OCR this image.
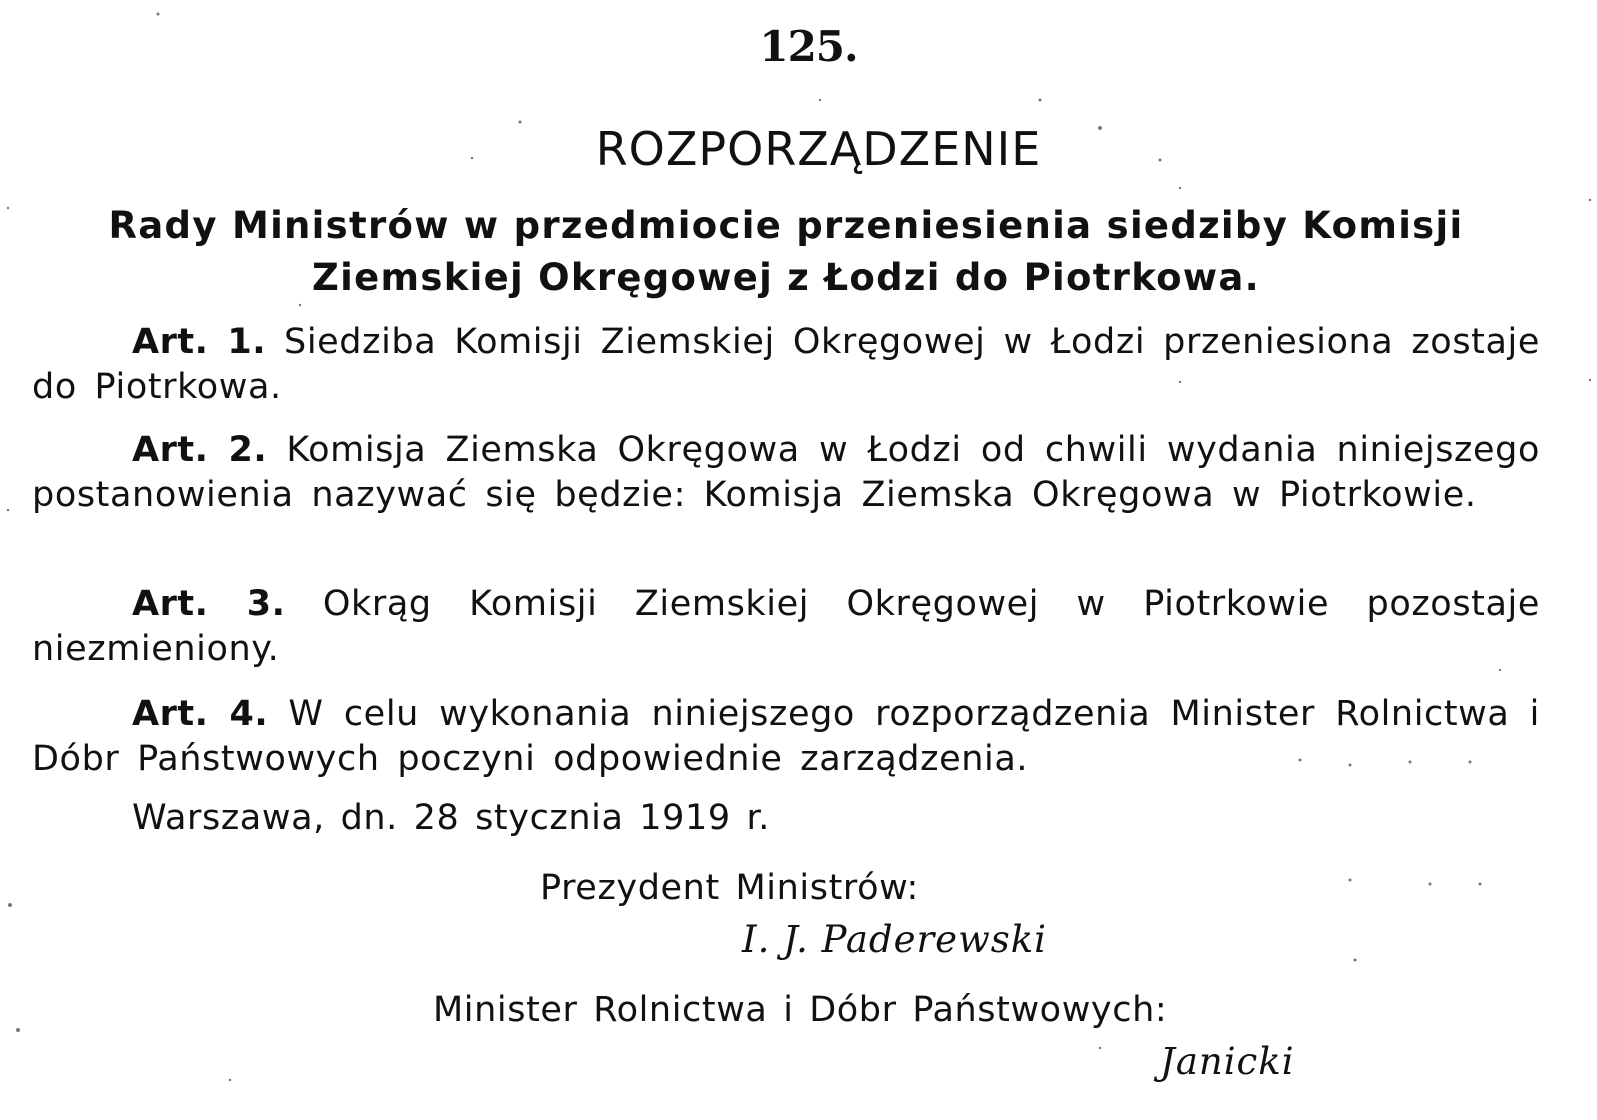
125.
ROZPORZĄDZENIE
Rady Ministrów w przedmiocie przeniesienia siedziby Komisji Ziemskiej Okręgowej z Łodzi do Piotrkowa.
Art. 1. Siedziba Komisji Ziemskiej Okręgowej w Łodzi przeniesiona zostaje do Piotrkowa.
Art. 2. Komisja Ziemska Okręgowa w Łodzi od chwili wydania niniejszego postanowienia nazywać się będzie: Komisja Ziemska Okręgowa w Piotrkowie.
Art. 3. Okrąg Komisji Ziemskiej Okręgowej w Piotrkowie pozostaje niezmieniony.
Art. 4. W celu wykonania niniejszego rozporządzenia Minister Rolnictwa i Dóbr Państwowych poczyni odpowiednie zarządzenia.
Warszawa, dn. 28 stycznia 1919 r.
Prezydent Ministrów:
I. J. Paderewski
Minister Rolnictwa i Dóbr Państwowych:
Janicki
